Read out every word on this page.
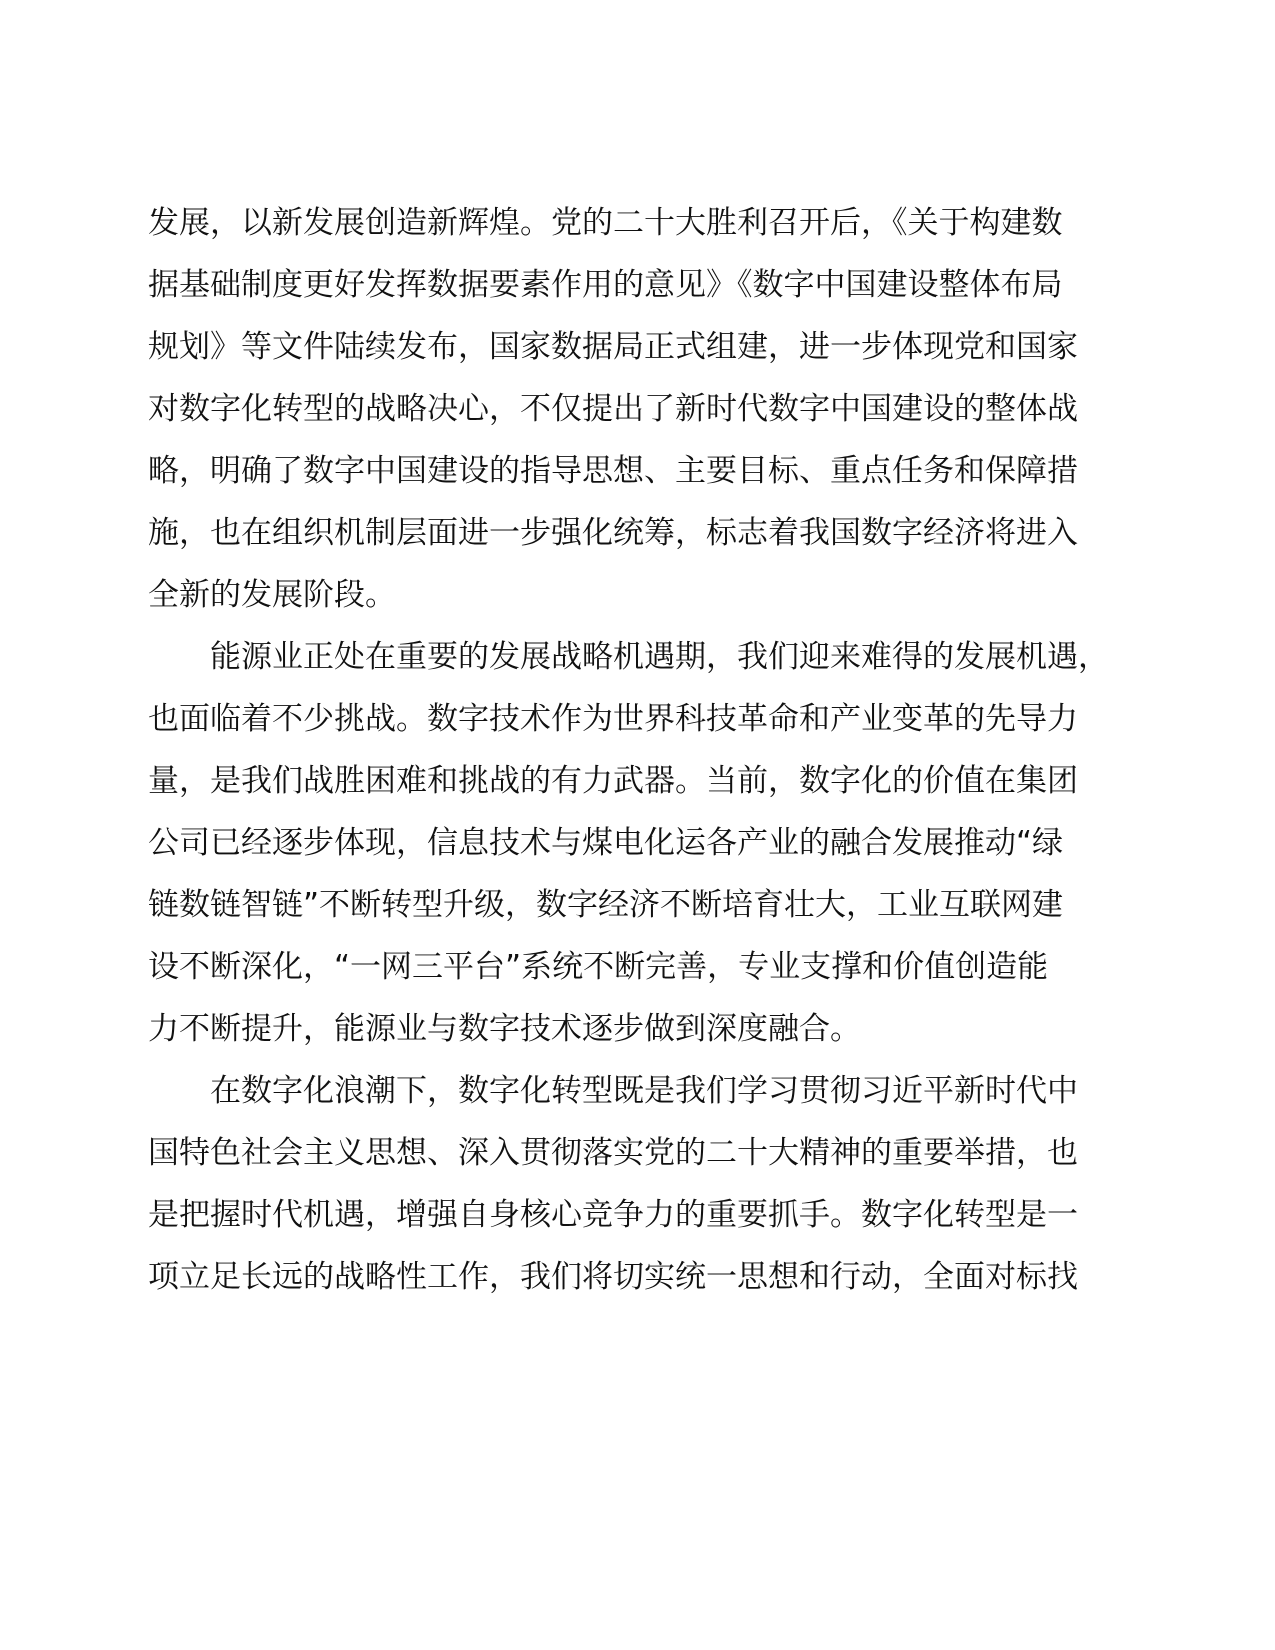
发展，以新发展创造新辉煌。党的二十大胜利召开后，《关于构建数
据基础制度更好发挥数据要素作用的意见》《数字中国建设整体布局
规划》等文件陆续发布，国家数据局正式组建，进一步体现党和国家
对数字化转型的战略决心，不仅提出了新时代数字中国建设的整体战
略，明确了数字中国建设的指导思想、主要目标、重点任务和保障措
施，也在组织机制层面进一步强化统筹，标志着我国数字经济将进入
全新的发展阶段。
能源业正处在重要的发展战略机遇期，我们迎来难得的发展机遇，
也面临着不少挑战。数字技术作为世界科技革命和产业变革的先导力
量，是我们战胜困难和挑战的有力武器。当前，数字化的价值在集团
公司已经逐步体现，信息技术与煤电化运各产业的融合发展推动“绿
链数链智链”不断转型升级，数字经济不断培育壮大，工业互联网建
设不断深化，“一网三平台”系统不断完善，专业支撑和价值创造能
力不断提升，能源业与数字技术逐步做到深度融合。
在数字化浪潮下，数字化转型既是我们学习贯彻习近平新时代中
国特色社会主义思想、深入贯彻落实党的二十大精神的重要举措，也
是把握时代机遇，增强自身核心竞争力的重要抓手。数字化转型是一
项立足长远的战略性工作，我们将切实统一思想和行动，全面对标找
